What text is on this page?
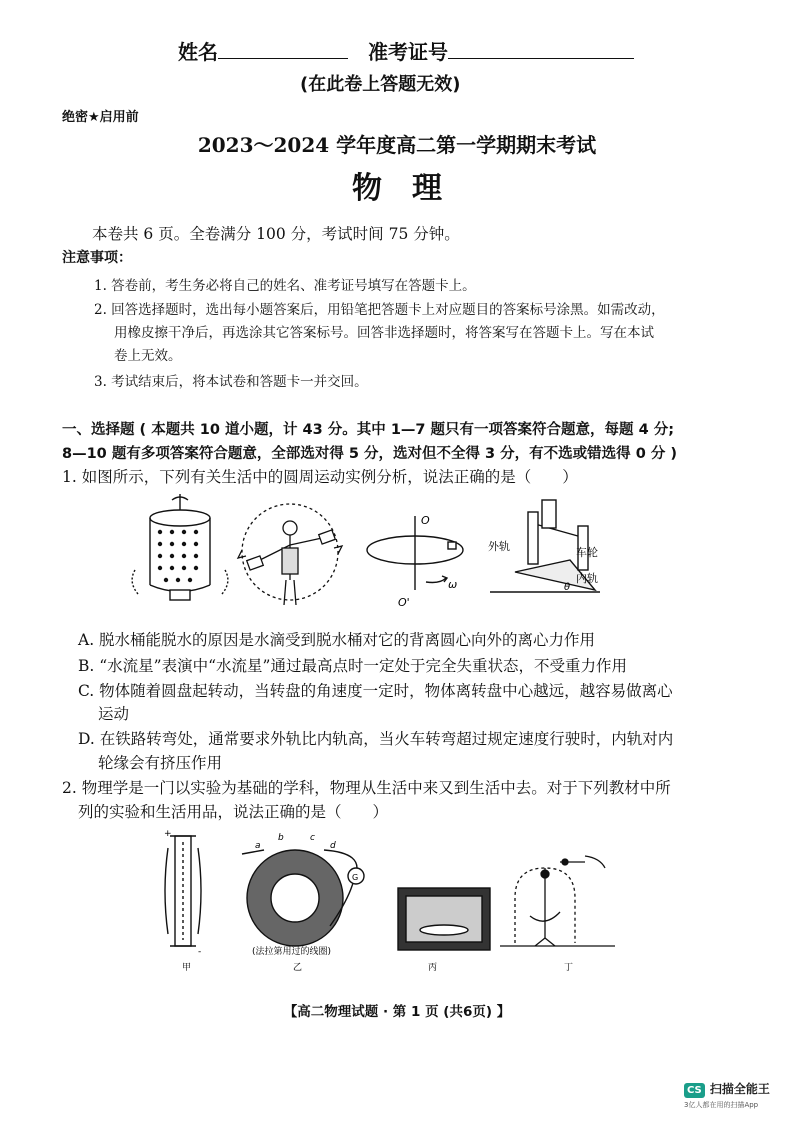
姓名	准考证号
(在此卷上答题无效)
绝密★启用前
2023～2024 学年度高二第一学期期末考试
物　理
本卷共 6 页。全卷满分 100 分，考试时间 75 分钟。
注意事项：
1. 答卷前，考生务必将自己的姓名、准考证号填写在答题卡上。
2. 回答选择题时，选出每小题答案后，用铅笔把答题卡上对应题目的答案标号涂黑。如需改动，
用橡皮擦干净后，再选涂其它答案标号。回答非选择题时，将答案写在答题卡上。写在本试
卷上无效。
3. 考试结束后，将本试卷和答题卡一并交回。
一、选择题 ( 本题共 10 道小题，计 43 分。其中 1—7 题只有一项答案符合题意，每题 4 分;
8—10 题有多项答案符合题意，全部选对得 5 分，选对但不全得 3 分，有不选或错选得 0 分 )
1. 如图所示，下列有关生活中的圆周运动实例分析，说法正确的是（　　）
O
O'
ω
外轨	车轮
内轨
θ
A. 脱水桶能脱水的原因是水滴受到脱水桶对它的背离圆心向外的离心力作用
B. “水流星”表演中“水流星”通过最高点时一定处于完全失重状态，不受重力作用
C. 物体随着圆盘起转动，当转盘的角速度一定时，物体离转盘中心越远，越容易做离心
运动
D. 在铁路转弯处，通常要求外轨比内轨高，当火车转弯超过规定速度行驶时，内轨对内
轮缘会有挤压作用
2. 物理学是一门以实验为基础的学科，物理从生活中来又到生活中去。对于下列教材中所
列的实验和生活用品，说法正确的是（　　）
+
-
甲
a
b	c
d
G
(法拉第用过的线圈)
乙	丙	丁
【高二物理试题 · 第 1 页 (共6页) 】
CS 扫描全能王
3亿人都在用的扫描App
